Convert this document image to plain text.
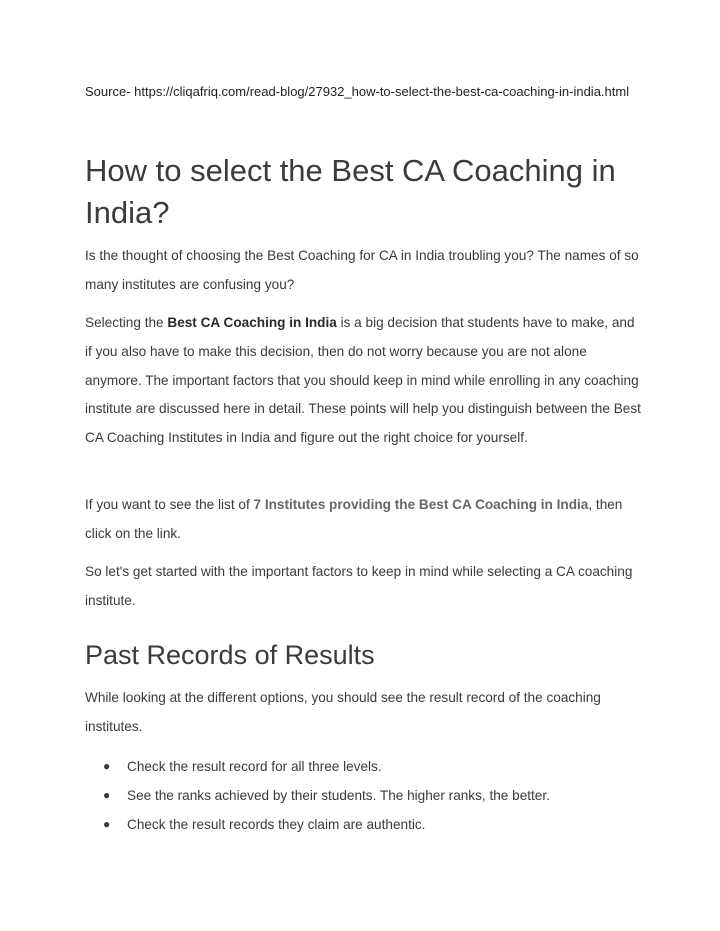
Source- https://cliqafriq.com/read-blog/27932_how-to-select-the-best-ca-coaching-in-india.html
How to select the Best CA Coaching in India?

Is the thought of choosing the Best Coaching for CA in India troubling you? The names of so many institutes are confusing you?

Selecting the Best CA Coaching in India is a big decision that students have to make, and if you also have to make this decision, then do not worry because you are not alone anymore. The important factors that you should keep in mind while enrolling in any coaching institute are discussed here in detail. These points will help you distinguish between the Best CA Coaching Institutes in India and figure out the right choice for yourself.

If you want to see the list of 7 Institutes providing the Best CA Coaching in India, then click on the link.

So let's get started with the important factors to keep in mind while selecting a CA coaching institute.

Past Records of Results

While looking at the different options, you should see the result record of the coaching institutes.

● Check the result record for all three levels.
● See the ranks achieved by their students. The higher ranks, the better.
● Check the result records they claim are authentic.
